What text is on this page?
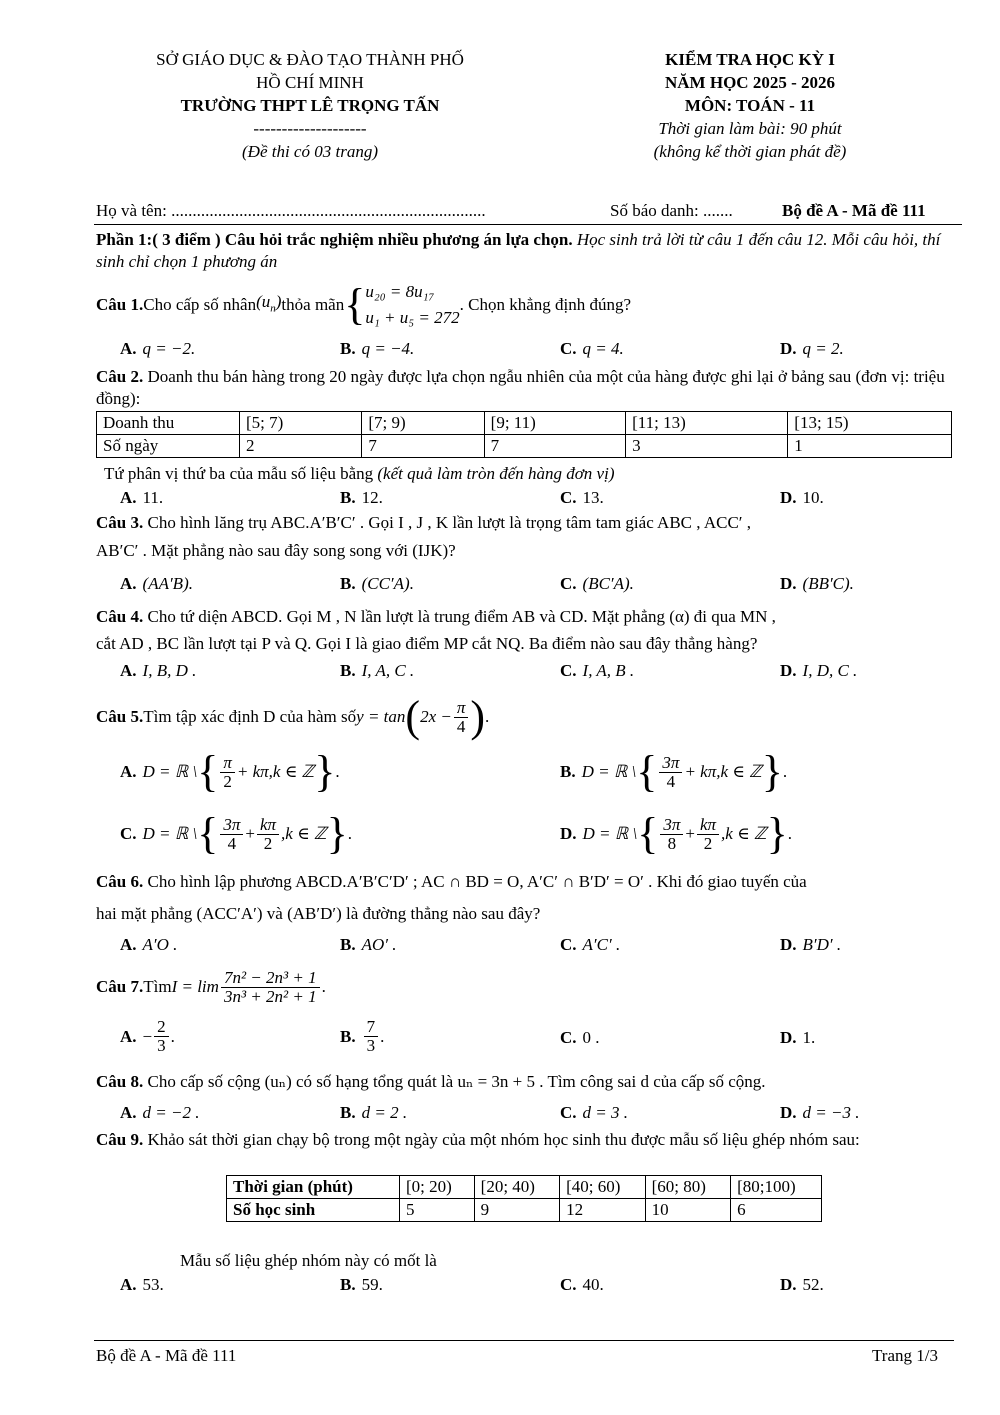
SỞ GIÁO DỤC & ĐÀO TẠO THÀNH PHỐ
HỒ CHÍ MINH
TRƯỜNG THPT LÊ TRỌNG TẤN
--------------------
(Đề thi có 03 trang)
KIỂM TRA HỌC KỲ I
NĂM HỌC 2025 - 2026
MÔN: TOÁN - 11
Thời gian làm bài: 90 phút
(không kể thời gian phát đề)
Họ và tên: ..........................................................................	Số báo danh: .......	Bộ đề A - Mã đề 111
Phần 1:( 3 điểm ) Câu hỏi trắc nghiệm nhiều phương án lựa chọn. Học sinh trả lời từ câu 1 đến câu 12. Mỗi câu hỏi, thí sinh chỉ chọn 1 phương án
Câu 1. Cho cấp số nhân $(u_n)$ thỏa mãn { u₂₀ = 8u₁₇
u₁ + u₅ = 272
. Chọn khẳng định đúng?
A. q = −2.	B. q = −4.	C. q = 4.	D. q = 2.
Câu 2. Doanh thu bán hàng trong 20 ngày được lựa chọn ngẫu nhiên của một của hàng được ghi lại ở bảng sau (đơn vị: triệu đồng):
Doanh thu	[5; 7)	[7; 9)	[9; 11)	[11; 13)	[13; 15)
Số ngày	2	7	7	3	1
Tứ phân vị thứ ba của mẫu số liệu bằng (kết quả làm tròn đến hàng đơn vị)
A. 11.	B. 12.	C. 13.	D. 10.
Câu 3. Cho hình lăng trụ ABC.A′B′C′ . Gọi I , J , K lần lượt là trọng tâm tam giác ABC , ACC′ ,
AB′C′ . Mặt phẳng nào sau đây song song với (IJK)?
A. (AA′B).	B. (CC′A).	C. (BC′A).	D. (BB′C).
Câu 4. Cho tứ diện ABCD. Gọi M , N lần lượt là trung điểm AB và CD. Mặt phẳng (α) đi qua MN ,
cắt AD , BC lần lượt tại P và Q. Gọi I là giao điểm MP cắt NQ. Ba điểm nào sau đây thẳng hàng?
A. I, B, D .	B. I, A, C .	C. I, A, B .	D. I, D, C .
Câu 5. Tìm tập xác định D của hàm số y = tan ( $2x - \frac{\pi}{4}$ ) .
A. D = ℝ \ { $\frac{\pi}{2} + k\pi$ ,k ∈ ℤ } .	B. D = ℝ \ { $\frac{3\pi}{4} + k\pi$ ,k ∈ ℤ } .
C. D = ℝ \ { $\frac{3\pi}{4} + \frac{k\pi}{2} ,k$ ∈ ℤ } .	D. D = ℝ \ { $\frac{3\pi}{8} + \frac{k\pi}{2} ,k$ ∈ ℤ } .
Câu 6. Cho hình lập phương ABCD.A′B′C′D′ ; AC ∩ BD = O, A′C′ ∩ B′D′ = O′ . Khi đó giao tuyến của
hai mặt phẳng (ACC′A′) và (AB′D′) là đường thẳng nào sau đây?
A. A′O .	B. AO′ .	C. A′C′ .	D. B′D′ .
Câu 7. Tìm $I = \lim \frac{\text{7n² − 2n³ + 1}}{\text{3n³ + 2n² + 1}}$ .
A. − $\frac{2}{3}$ .	B. $\frac{7}{3}$ .	C. 0 .	D. 1.
Câu 8. Cho cấp số cộng (uₙ) có số hạng tổng quát là uₙ = 3n + 5 . Tìm công sai d của cấp số cộng.
A. d = −2 .	B. d = 2 .	C. d = 3 .	D. d = −3 .
Câu 9. Khảo sát thời gian chạy bộ trong một ngày của một nhóm học sinh thu được mẫu số liệu ghép nhóm sau:
Thời gian (phút)	[0; 20)	[20; 40)	[40; 60)	[60; 80)	[80;100)
Số học sinh	5	9	12	10	6
Mẫu số liệu ghép nhóm này có mốt là
A. 53.	B. 59.	C. 40.	D. 52.
Bộ đề A - Mã đề 111	Trang 1/3
